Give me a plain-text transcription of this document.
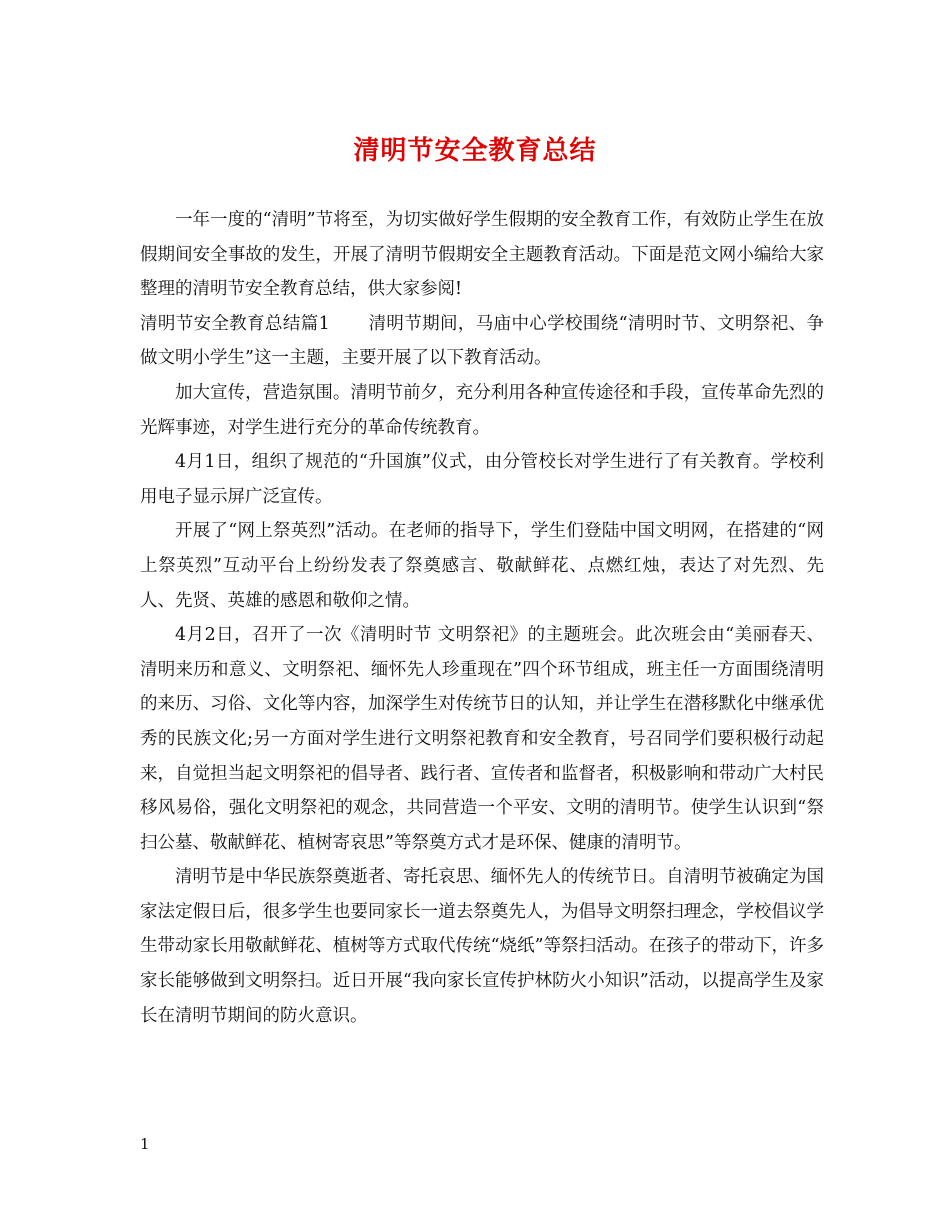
清明节安全教育总结

一年一度的“清明”节将至，为切实做好学生假期的安全教育工作，有效防止学生在放假期间安全事故的发生，开展了清明节假期安全主题教育活动。下面是范文网小编给大家整理的清明节安全教育总结，供大家参阅!

清明节安全教育总结篇1 清明节期间，马庙中心学校围绕“清明时节、文明祭祀、争做文明小学生”这一主题，主要开展了以下教育活动。

加大宣传，营造氛围。清明节前夕，充分利用各种宣传途径和手段，宣传革命先烈的光辉事迹，对学生进行充分的革命传统教育。

4月1日，组织了规范的“升国旗”仪式，由分管校长对学生进行了有关教育。学校利用电子显示屏广泛宣传。

开展了“网上祭英烈”活动。在老师的指导下，学生们登陆中国文明网，在搭建的“网上祭英烈”互动平台上纷纷发表了祭奠感言、敬献鲜花、点燃红烛，表达了对先烈、先人、先贤、英雄的感恩和敬仰之情。

4月2日，召开了一次《清明时节 文明祭祀》的主题班会。此次班会由“美丽春天、清明来历和意义、文明祭祀、缅怀先人珍重现在”四个环节组成，班主任一方面围绕清明的来历、习俗、文化等内容，加深学生对传统节日的认知，并让学生在潜移默化中继承优秀的民族文化;另一方面对学生进行文明祭祀教育和安全教育，号召同学们要积极行动起来，自觉担当起文明祭祀的倡导者、践行者、宣传者和监督者，积极影响和带动广大村民移风易俗，强化文明祭祀的观念，共同营造一个平安、文明的清明节。使学生认识到“祭扫公墓、敬献鲜花、植树寄哀思”等祭奠方式才是环保、健康的清明节。

清明节是中华民族祭奠逝者、寄托哀思、缅怀先人的传统节日。自清明节被确定为国家法定假日后，很多学生也要同家长一道去祭奠先人，为倡导文明祭扫理念，学校倡议学生带动家长用敬献鲜花、植树等方式取代传统“烧纸”等祭扫活动。在孩子的带动下，许多家长能够做到文明祭扫。近日开展“我向家长宣传护林防火小知识”活动，以提高学生及家长在清明节期间的防火意识。

1
